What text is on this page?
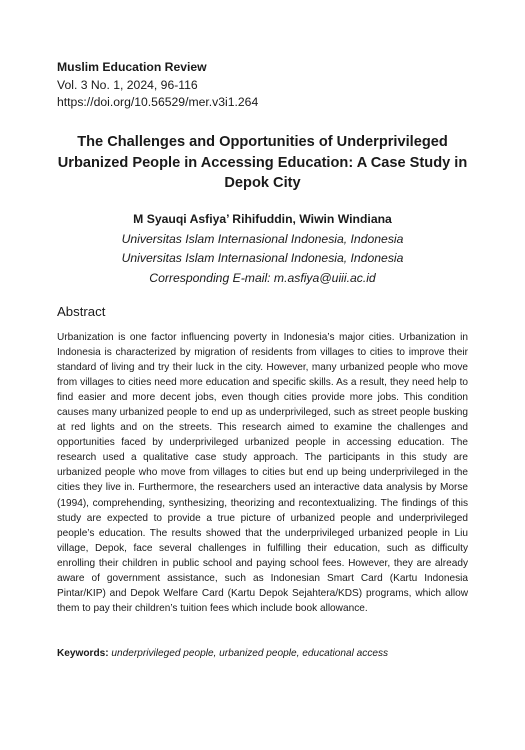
Muslim Education Review
Vol. 3 No. 1, 2024, 96-116
https://doi.org/10.56529/mer.v3i1.264
The Challenges and Opportunities of Underprivileged Urbanized People in Accessing Education: A Case Study in Depok City
M Syauqi Asfiya’ Rihifuddin, Wiwin Windiana
Universitas Islam Internasional Indonesia, Indonesia
Universitas Islam Internasional Indonesia, Indonesia
Corresponding E-mail: m.asfiya@uiii.ac.id
Abstract
Urbanization is one factor influencing poverty in Indonesia’s major cities. Urbanization in Indonesia is characterized by migration of residents from villages to cities to improve their standard of living and try their luck in the city. However, many urbanized people who move from villages to cities need more education and specific skills. As a result, they need help to find easier and more decent jobs, even though cities provide more jobs. This condition causes many urbanized people to end up as underprivileged, such as street people busking at red lights and on the streets. This research aimed to examine the challenges and opportunities faced by underprivileged urbanized people in accessing education. The research used a qualitative case study approach. The participants in this study are urbanized people who move from villages to cities but end up being underprivileged in the cities they live in. Furthermore, the researchers used an interactive data analysis by Morse (1994), comprehending, synthesizing, theorizing and recontextualizing. The findings of this study are expected to provide a true picture of urbanized people and underprivileged people’s education. The results showed that the underprivileged urbanized people in Liu village, Depok, face several challenges in fulfilling their education, such as difficulty enrolling their children in public school and paying school fees. However, they are already aware of government assistance, such as Indonesian Smart Card (Kartu Indonesia Pintar/KIP) and Depok Welfare Card (Kartu Depok Sejahtera/KDS) programs, which allow them to pay their children’s tuition fees which include book allowance.
Keywords: underprivileged people, urbanized people, educational access
